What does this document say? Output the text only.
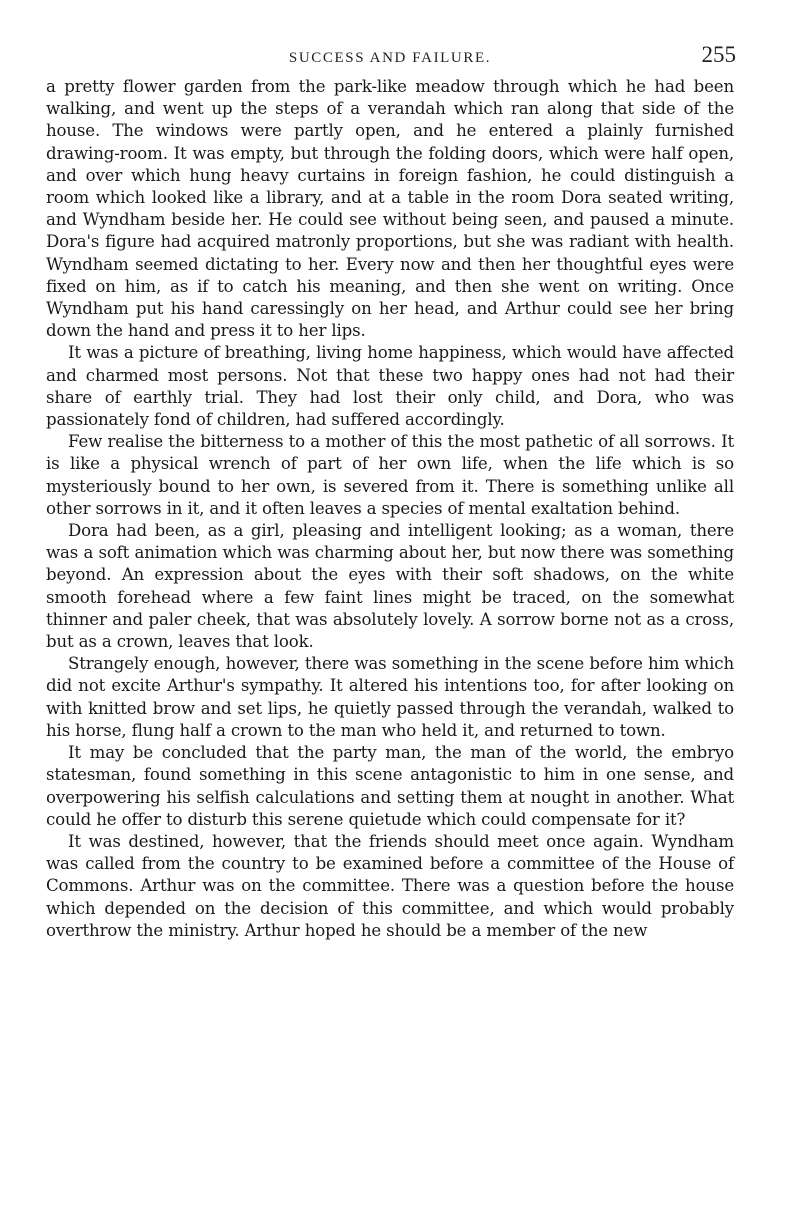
SUCCESS AND FAILURE.	255

a pretty flower garden from the park-like meadow through which he had been walking, and went up the steps of a verandah which ran along that side of the house. The windows were partly open, and he entered a plainly furnished drawing-room. It was empty, but through the folding doors, which were half open, and over which hung heavy curtains in foreign fashion, he could distinguish a room which looked like a library, and at a table in the room Dora seated writing, and Wyndham beside her. He could see without being seen, and paused a minute. Dora's figure had acquired matronly proportions, but she was radiant with health. Wyndham seemed dictating to her. Every now and then her thoughtful eyes were fixed on him, as if to catch his meaning, and then she went on writing. Once Wyndham put his hand caressingly on her head, and Arthur could see her bring down the hand and press it to her lips.

It was a picture of breathing, living home happiness, which would have affected and charmed most persons. Not that these two happy ones had not had their share of earthly trial. They had lost their only child, and Dora, who was passionately fond of children, had suffered accordingly.

Few realise the bitterness to a mother of this the most pathetic of all sorrows. It is like a physical wrench of part of her own life, when the life which is so mysteriously bound to her own, is severed from it. There is something unlike all other sorrows in it, and it often leaves a species of mental exaltation behind.

Dora had been, as a girl, pleasing and intelligent looking; as a woman, there was a soft animation which was charming about her, but now there was something beyond. An expression about the eyes with their soft shadows, on the white smooth forehead where a few faint lines might be traced, on the somewhat thinner and paler cheek, that was absolutely lovely. A sorrow borne not as a cross, but as a crown, leaves that look.

Strangely enough, however, there was something in the scene before him which did not excite Arthur's sympathy. It altered his intentions too, for after looking on with knitted brow and set lips, he quietly passed through the verandah, walked to his horse, flung half a crown to the man who held it, and returned to town.

It may be concluded that the party man, the man of the world, the embryo statesman, found something in this scene antagonistic to him in one sense, and overpowering his selfish calculations and setting them at nought in another. What could he offer to disturb this serene quietude which could compensate for it?

It was destined, however, that the friends should meet once again. Wyndham was called from the country to be examined before a committee of the House of Commons. Arthur was on the committee. There was a question before the house which depended on the decision of this committee, and which would probably overthrow the ministry. Arthur hoped he should be a member of the new
